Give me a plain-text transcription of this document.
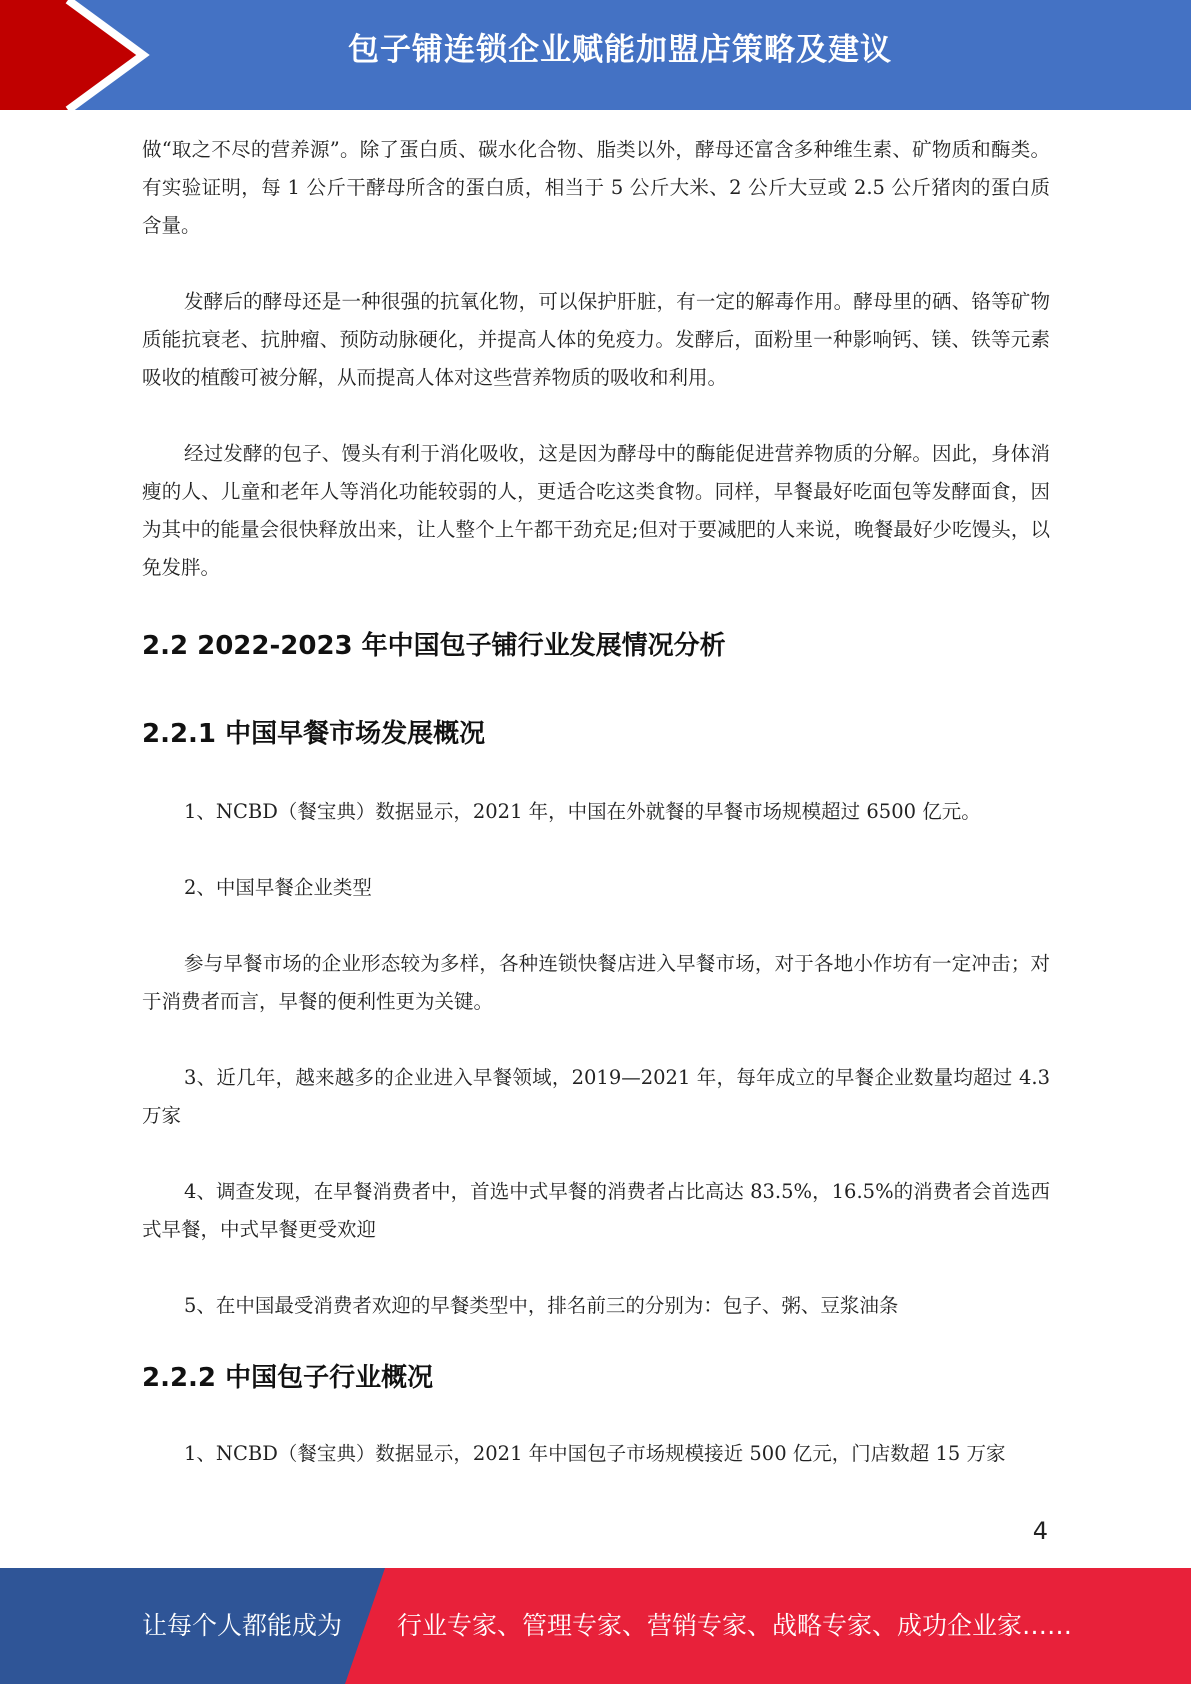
包子铺连锁企业赋能加盟店策略及建议

做“取之不尽的营养源”。除了蛋白质、碳水化合物、脂类以外，酵母还富含多种维生素、矿物质和酶类。有实验证明，每 1 公斤干酵母所含的蛋白质，相当于 5 公斤大米、2 公斤大豆或 2.5 公斤猪肉的蛋白质含量。

发酵后的酵母还是一种很强的抗氧化物，可以保护肝脏，有一定的解毒作用。酵母里的硒、铬等矿物质能抗衰老、抗肿瘤、预防动脉硬化，并提高人体的免疫力。发酵后，面粉里一种影响钙、镁、铁等元素吸收的植酸可被分解，从而提高人体对这些营养物质的吸收和利用。

经过发酵的包子、馒头有利于消化吸收，这是因为酵母中的酶能促进营养物质的分解。因此，身体消瘦的人、儿童和老年人等消化功能较弱的人，更适合吃这类食物。同样，早餐最好吃面包等发酵面食，因为其中的能量会很快释放出来，让人整个上午都干劲充足;但对于要减肥的人来说，晚餐最好少吃馒头，以免发胖。

2.2 2022-2023 年中国包子铺行业发展情况分析
2.2.1 中国早餐市场发展概况

1、NCBD（餐宝典）数据显示，2021 年，中国在外就餐的早餐市场规模超过 6500 亿元。

2、中国早餐企业类型

参与早餐市场的企业形态较为多样，各种连锁快餐店进入早餐市场，对于各地小作坊有一定冲击；对于消费者而言，早餐的便利性更为关键。

3、近几年，越来越多的企业进入早餐领域，2019—2021 年，每年成立的早餐企业数量均超过 4.3 万家

4、调查发现，在早餐消费者中，首选中式早餐的消费者占比高达 83.5%，16.5%的消费者会首选西式早餐，中式早餐更受欢迎

5、在中国最受消费者欢迎的早餐类型中，排名前三的分别为：包子、粥、豆浆油条

2.2.2 中国包子行业概况

1、NCBD（餐宝典）数据显示，2021 年中国包子市场规模接近 500 亿元，门店数超 15 万家

4
让每个人都能成为 行业专家、管理专家、营销专家、战略专家、成功企业家……
